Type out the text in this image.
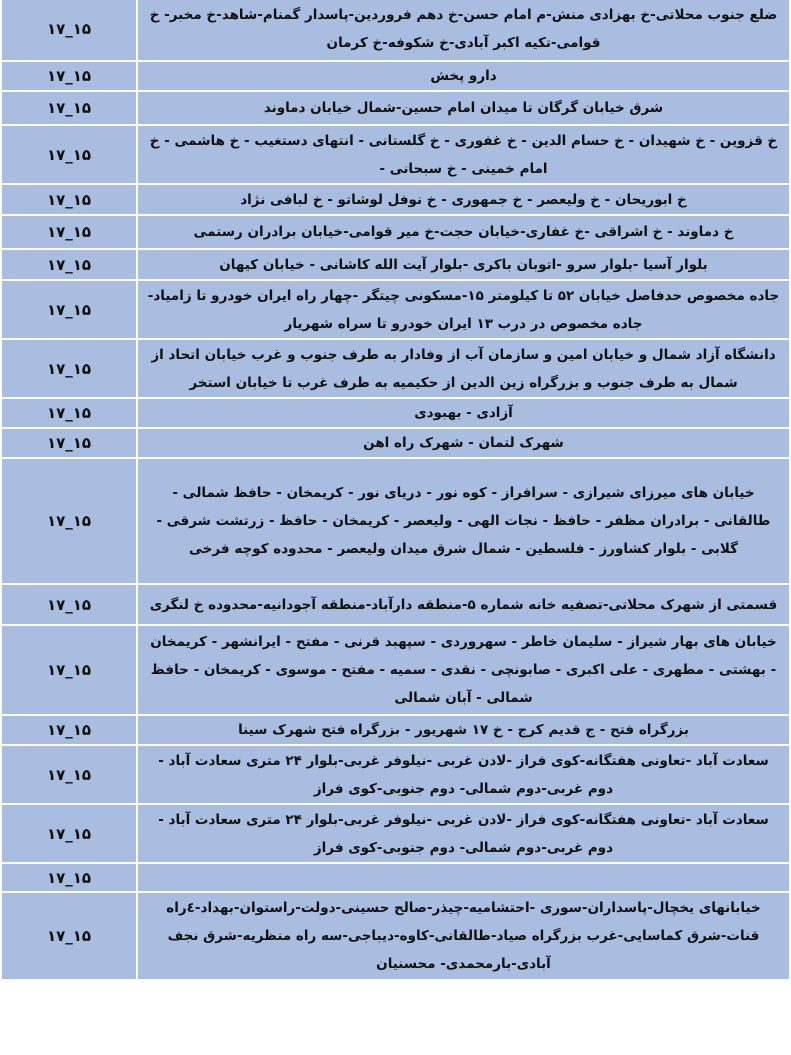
ضلع جنوب محلاتی-خ بهزادی منش-م امام حسن-خ دهم فروردین-پاسدار گمنام-شاهد-خ مخبر- خ قوامی-تکیه اکبر آبادی-خ شکوفه-خ کرمان	۱۵_۱۷
دارو پخش	۱۵_۱۷
شرق خیابان گرگان تا میدان امام حسین-شمال خیابان دماوند	۱۵_۱۷
خ قزوین - خ شهیدان - خ حسام الدین - خ غفوری - خ گلستانی - انتهای دستغیب - خ هاشمی - خ امام خمینی - خ سبحانی -	۱۵_۱۷
خ ابوریحان - خ ولیعصر - خ جمهوری - خ نوفل لوشاتو - خ لبافی نژاد	۱۵_۱۷
خ دماوند - خ اشراقی -خ غفاری-خیابان حجت-خ میر قوامی-خیابان برادران رستمی	۱۵_۱۷
بلوار آسیا -بلوار سرو -اتوبان باکری -بلوار آیت الله کاشانی - خیابان کیهان	۱۵_۱۷
جاده مخصوص حدفاصل خیابان ۵۲ تا کیلومتر ۱۵-مسکونی چیتگر -چهار راه ایران خودرو تا زامیاد-جاده مخصوص در درب ۱۳ ایران خودرو تا سراه شهریار	۱۵_۱۷
دانشگاه آزاد شمال و خیابان امین و سازمان آب از وفادار به طرف جنوب و غرب خیابان اتحاد از شمال به طرف جنوب و بزرگراه زین الدین از حکیمیه به طرف غرب تا خیابان استخر	۱۵_۱۷
آزادی - بهبودی	۱۵_۱۷
شهرک لتمان - شهرک راه اهن	۱۵_۱۷
خیابان های میرزای شیرازی - سرافراز - کوه نور - دریای نور - کریمخان - حافظ شمالی - طالقانی - برادران مظفر - حافظ - نجات الهی - ولیعصر - کریمخان - حافظ - زرتشت شرقی - گلابی - بلوار کشاورز - فلسطین - شمال شرق میدان ولیعصر - محدوده کوچه فرخی	۱۵_۱۷
قسمتی از شهرک محلاتی-تصفیه خانه شماره ۵-منطقه دارآباد-منطقه آجودانیه-محدوده خ لنگری	۱۵_۱۷
خیابان های بهار شیراز - سلیمان خاطر - سهروردی - سپهبد قرنی - مفتح - ایرانشهر - کریمخان - بهشتی - مطهری - علی اکبری - صابونچی - نقدی - سمیه - مفتح - موسوی - کریمخان - حافظ شمالی - آبان شمالی	۱۵_۱۷
بزرگراه فتح - ج قدیم کرج - خ ۱۷ شهریور - بزرگراه فتح شهرک سینا	۱۵_۱۷
سعادت آباد -تعاونی هفتگانه-کوی فراز -لادن غربی -نیلوفر غربی-بلوار ۲۴ متری سعادت آباد - دوم غربی-دوم شمالی- دوم جنوبی-کوی فراز	۱۵_۱۷
سعادت آباد -تعاونی هفتگانه-کوی فراز -لادن غربی -نیلوفر غربی-بلوار ۲۴ متری سعادت آباد - دوم غربی-دوم شمالی- دوم جنوبی-کوی فراز	۱۵_۱۷
	۱۵_۱۷
خیابانهای یخچال-پاسداران-سوری -احتشامیه-چیذر-صالح حسینی-دولت-راستوان-بهداد-٤راه قنات-شرق کماسایی-غرب بزرگراه صیاد-طالقانی-کاوه-دیباجی-سه راه منظریه-شرق نجف آبادی-بارمحمدی- محسنیان	۱۵_۱۷
